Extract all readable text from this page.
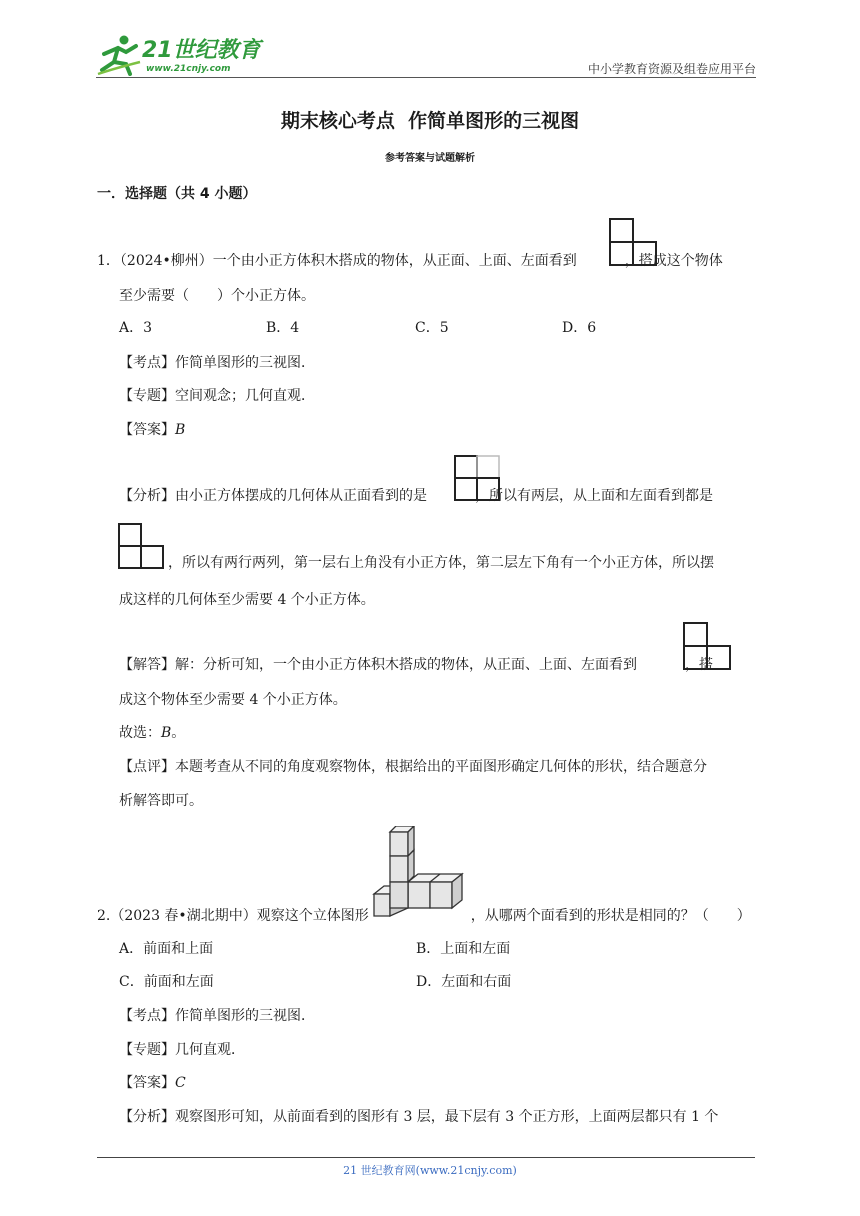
21世纪教育
www.21cnjy.com	中小学教育资源及组卷应用平台
期末核心考点  作简单图形的三视图
参考答案与试题解析
一．选择题（共 4 小题）
1．（2024•柳州）一个由小正方体积木搭成的物体，从正面、上面、左面看到	，搭成这个物体
至少需要（　　）个小正方体。
A．3	B．4	C．5	D．6
【考点】作简单图形的三视图．
【专题】空间观念；几何直观．
【答案】B
【分析】由小正方体摆成的几何体从正面看到的是	，所以有两层，从上面和左面看到都是
，所以有两行两列，第一层右上角没有小正方体，第二层左下角有一个小正方体，所以摆
成这样的几何体至少需要 4 个小正方体。
【解答】解：分析可知，一个由小正方体积木搭成的物体，从正面、上面、左面看到	，搭
成这个物体至少需要 4 个小正方体。
故选：B。
【点评】本题考查从不同的角度观察物体，根据给出的平面图形确定几何体的形状，结合题意分
析解答即可。
2.（2023 春•湖北期中）观察这个立体图形	，从哪两个面看到的形状是相同的？（　　）
A．前面和上面	B．上面和左面
C．前面和左面	D．左面和右面
【考点】作简单图形的三视图．
【专题】几何直观．
【答案】C
【分析】观察图形可知，从前面看到的图形有 3 层，最下层有 3 个正方形，上面两层都只有 1 个
21 世纪教育网(www.21cnjy.com)
